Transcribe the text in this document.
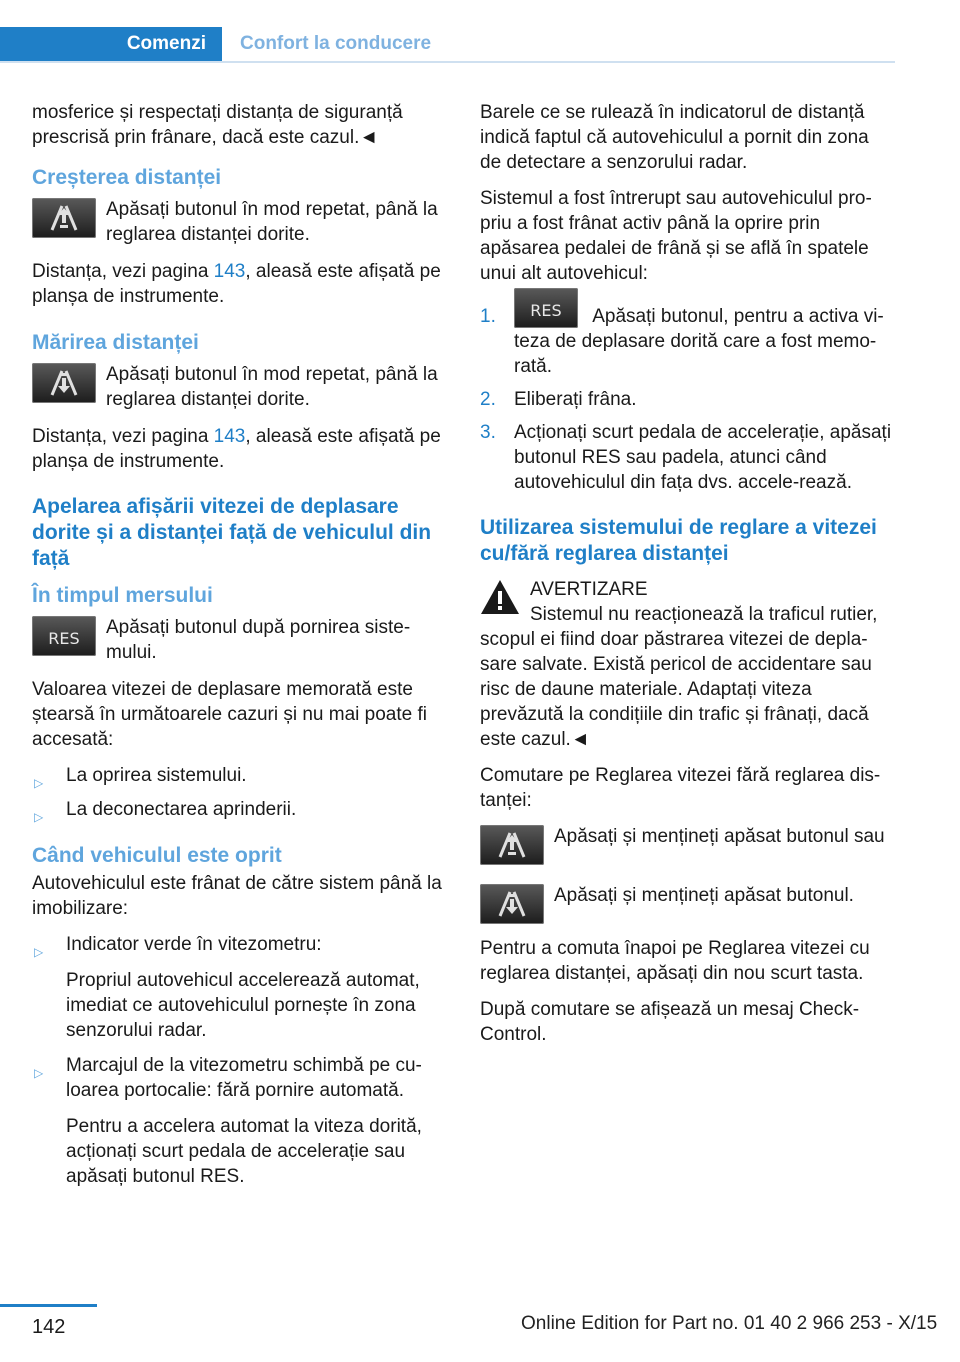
Comenzi	Confort la conducere

mosferice și respectați distanța de siguranță prescrisă prin frânare, dacă este cazul.◄

Creșterea distanței
Apăsați butonul în mod repetat, până la reglarea distanței dorite.

Distanța, vezi pagina 143, aleasă este afișată pe planșa de instrumente.

Mărirea distanței
Apăsați butonul în mod repetat, până la reglarea distanței dorite.

Distanța, vezi pagina 143, aleasă este afișată pe planșa de instrumente.

Apelarea afișării vitezei de deplasare dorite și a distanței față de vehiculul din față
În timpul mersului
RES
Apăsați butonul după pornirea siste-mului.

Valoarea vitezei de deplasare memorată este ștearsă în următoarele cazuri și nu mai poate fi accesată:

▷ La oprirea sistemului.
▷ La deconectarea aprinderii.
Când vehiculul este oprit

Autovehiculul este frânat de către sistem până la imobilizare:

▷ Indicator verde în vitezometru:

Propriul autovehicul accelerează automat, imediat ce autovehiculul pornește în zona senzorului radar.

▷ Marcajul de la vitezometru schimbă pe cu-loarea portocalie: fără pornire automată.

Pentru a accelera automat la viteza dorită, acționați scurt pedala de accelerație sau apăsați butonul RES.

Barele ce se rulează în indicatorul de distanță indică faptul că autovehiculul a pornit din zona de detectare a senzorului radar.

Sistemul a fost întrerupt sau autovehiculul pro-priu a fost frânat activ până la oprire prin apăsarea pedalei de frână și se află în spatele unui alt autovehicul:

1.	RES	Apăsați butonul, pentru a activa vi-teza de deplasare dorită care a fost memo-rată.
2. Eliberați frâna.
3. Acționați scurt pedala de accelerație, apăsați butonul RES sau padela, atunci când autovehiculul din fața dvs. accele-rează.
Utilizarea sistemului de reglare a vitezei cu/fără reglarea distanței
AVERTIZARE
Sistemul nu reacționează la traficul rutier,

scopul ei fiind doar păstrarea vitezei de depla-sare salvate. Există pericol de accidentare sau risc de daune materiale. Adaptați viteza prevăzută la condițiile din trafic și frânați, dacă este cazul.◄

Comutare pe Reglarea vitezei fără reglarea dis-tanței:

Apăsați și mențineți apăsat butonul sau
Apăsați și mențineți apăsat butonul.

Pentru a comuta înapoi pe Reglarea vitezei cu reglarea distanței, apăsați din nou scurt tasta.

După comutare se afișează un mesaj Check-Control.

142	Online Edition for Part no. 01 40 2 966 253 - X/15
